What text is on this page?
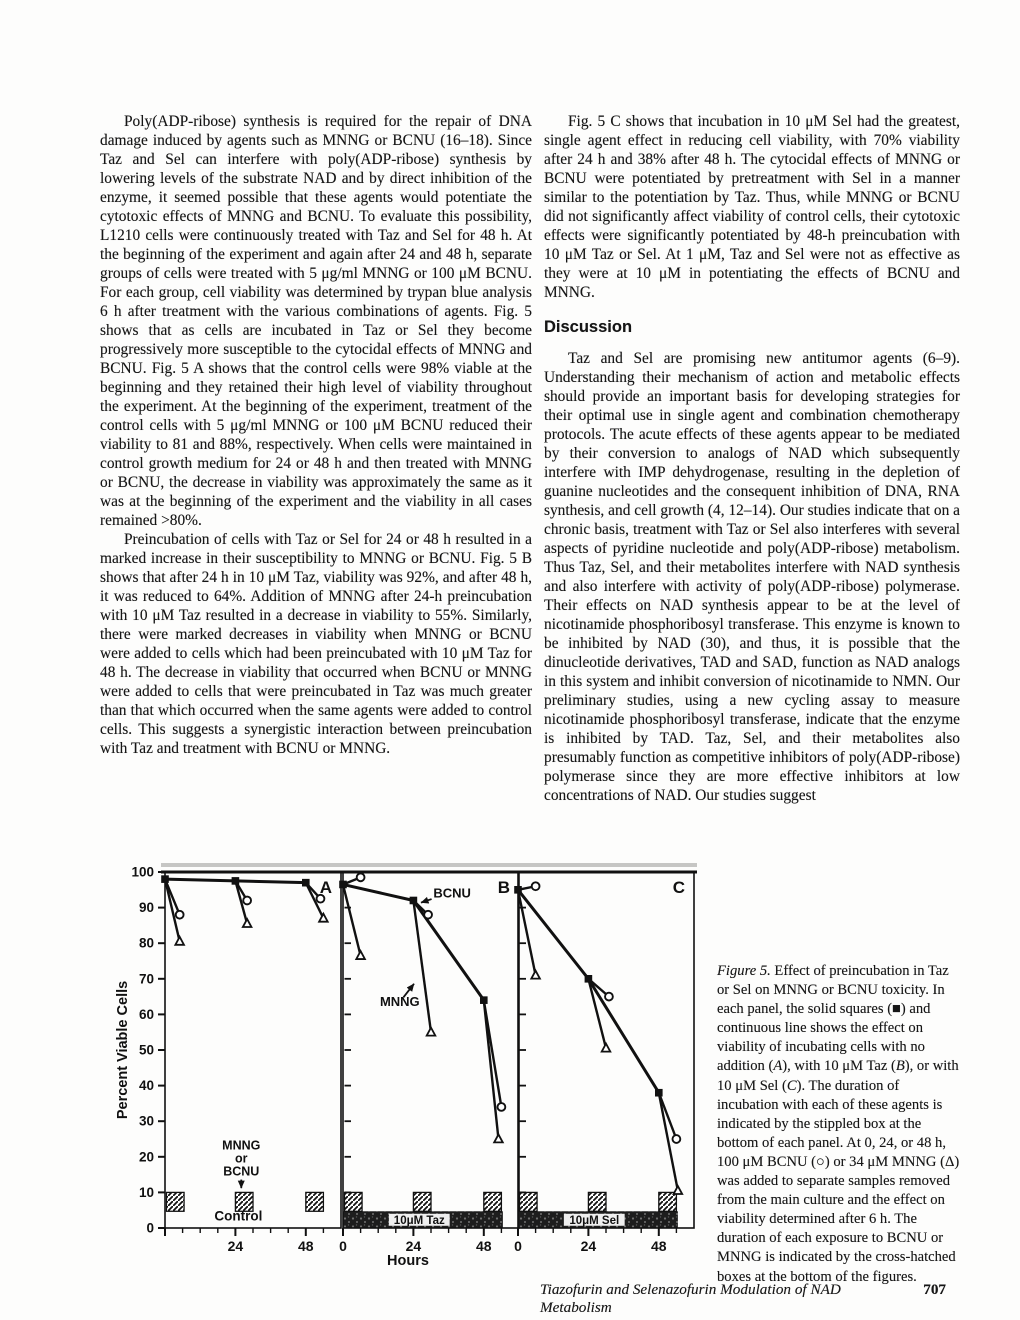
Poly(ADP-ribose) synthesis is required for the repair of DNA damage induced by agents such as MNNG or BCNU (16–18). Since Taz and Sel can interfere with poly(ADP-ribose) synthesis by lowering levels of the substrate NAD and by direct inhibition of the enzyme, it seemed possible that these agents would potentiate the cytotoxic effects of MNNG and BCNU. To evaluate this possibility, L1210 cells were continuously treated with Taz and Sel for 48 h. At the beginning of the experiment and again after 24 and 48 h, separate groups of cells were treated with 5 μg/ml MNNG or 100 μM BCNU. For each group, cell viability was determined by trypan blue analysis 6 h after treatment with the various combinations of agents. Fig. 5 shows that as cells are incubated in Taz or Sel they become progressively more susceptible to the cytocidal effects of MNNG and BCNU. Fig. 5 A shows that the control cells were 98% viable at the beginning and they retained their high level of viability throughout the experiment. At the beginning of the experiment, treatment of the control cells with 5 μg/ml MNNG or 100 μM BCNU reduced their viability to 81 and 88%, respectively. When cells were maintained in control growth medium for 24 or 48 h and then treated with MNNG or BCNU, the decrease in viability was approximately the same as it was at the beginning of the experiment and the viability in all cases remained >80%.

Preincubation of cells with Taz or Sel for 24 or 48 h resulted in a marked increase in their susceptibility to MNNG or BCNU. Fig. 5 B shows that after 24 h in 10 μM Taz, viability was 92%, and after 48 h, it was reduced to 64%. Addition of MNNG after 24-h preincubation with 10 μM Taz resulted in a decrease in viability to 55%. Similarly, there were marked decreases in viability when MNNG or BCNU were added to cells which had been preincubated with 10 μM Taz for 48 h. The decrease in viability that occurred when BCNU or MNNG were added to cells that were preincubated in Taz was much greater than that which occurred when the same agents were added to control cells. This suggests a synergistic interaction between preincubation with Taz and treatment with BCNU or MNNG.

Fig. 5 C shows that incubation in 10 μM Sel had the greatest, single agent effect in reducing cell viability, with 70% viability after 24 h and 38% after 48 h. The cytocidal effects of MNNG or BCNU were potentiated by pretreatment with Sel in a manner similar to the potentiation by Taz. Thus, while MNNG or BCNU did not significantly affect viability of control cells, their cytotoxic effects were significantly potentiated by 48-h preincubation with 10 μM Taz or Sel. At 1 μM, Taz and Sel were not as effective as they were at 10 μM in potentiating the effects of BCNU and MNNG.

Discussion

Taz and Sel are promising new antitumor agents (6–9). Understanding their mechanism of action and metabolic effects should provide an important basis for developing strategies for their optimal use in single agent and combination chemotherapy protocols. The acute effects of these agents appear to be mediated by their conversion to analogs of NAD which subsequently interfere with IMP dehydrogenase, resulting in the depletion of guanine nucleotides and the consequent inhibition of DNA, RNA synthesis, and cell growth (4, 12–14). Our studies indicate that on a chronic basis, treatment with Taz or Sel also interferes with several aspects of pyridine nucleotide and poly(ADP-ribose) metabolism. Thus Taz, Sel, and their metabolites interfere with NAD synthesis and also interfere with activity of poly(ADP-ribose) polymerase. Their effects on NAD synthesis appear to be at the level of nicotinamide phosphoribosyl transferase. This enzyme is known to be inhibited by NAD (30), and thus, it is possible that the dinucleotide derivatives, TAD and SAD, function as NAD analogs in this system and inhibit conversion of nicotinamide to NMN. Our preliminary studies, using a new cycling assay to measure nicotinamide phosphoribosyl transferase, indicate that the enzyme is inhibited by TAD. Taz, Sel, and their metabolites also presumably function as competitive inhibitors of poly(ADP-ribose) polymerase since they are more effective inhibitors at low concentrations of NAD. Our studies suggest

0
10
20
30
40
50
60
70
80
90
100
24	48
A
MNNG
or
BCNU
Control	10μM Taz
0	24	48
B
BCNU
MNNG
10μM Sel
0	24	48
C
Percent Viable Cells
Hours
Figure 5. Effect of preincubation in Taz or Sel on MNNG or BCNU toxicity. In each panel, the solid squares (■) and continuous line shows the effect on viability of incubating cells with no addition (A), with 10 μM Taz (B), or with 10 μM Sel (C). The duration of incubation with each of these agents is indicated by the stippled box at the bottom of each panel. At 0, 24, or 48 h, 100 μM BCNU (○) or 34 μM MNNG (Δ) was added to separate samples removed from the main culture and the effect on viability determined after 6 h. The duration of each exposure to BCNU or MNNG is indicated by the cross-hatched boxes at the bottom of the figures.
Tiazofurin and Selenazofurin Modulation of NAD Metabolism
707
